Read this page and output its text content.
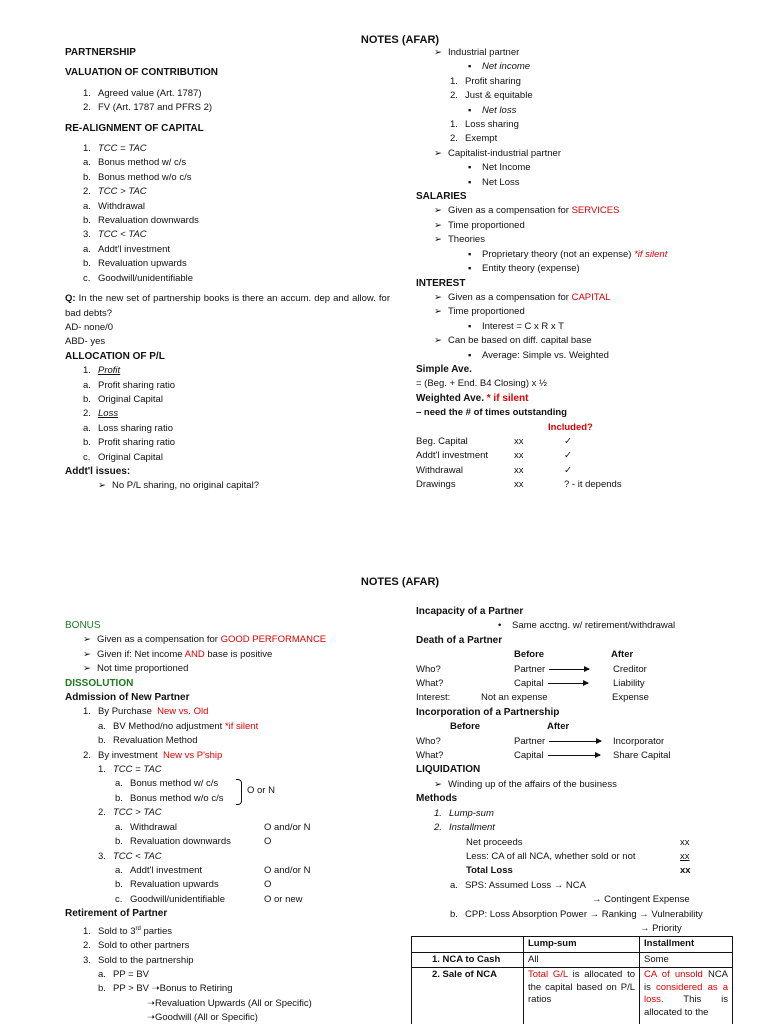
NOTES (AFAR)
PARTNERSHIP
VALUATION OF CONTRIBUTION
1. Agreed value (Art. 1787)
2. FV (Art. 1787 and PFRS 2)
RE-ALIGNMENT OF CAPITAL
1. TCC = TAC
a. Bonus method w/ c/s
b. Bonus method w/o c/s
2. TCC > TAC
a. Withdrawal
b. Revaluation downwards
3. TCC < TAC
a. Addt'l investment
b. Revaluation upwards
c. Goodwill/unidentifiable
Q: In the new set of partnership books is there an accum. dep and allow. for bad debts?
AD- none/0
ABD- yes
ALLOCATION OF P/L
1. Profit
a. Profit sharing ratio
b. Original Capital
2. Loss
a. Loss sharing ratio
b. Profit sharing ratio
c. Original Capital
Addt'l issues:
➢ No P/L sharing, no original capital?
➢ Industrial partner
▪ Net income
1. Profit sharing
2. Just & equitable
▪ Net loss
1. Loss sharing
2. Exempt
➢ Capitalist-industrial partner
▪ Net Income
▪ Net Loss
SALARIES
➢ Given as a compensation for SERVICES
➢ Time proportioned
➢ Theories
▪ Proprietary theory (not an expense) *if silent
▪ Entity theory (expense)
INTEREST
➢ Given as a compensation for CAPITAL
➢ Time proportioned
▪ Interest = C x R x T
➢ Can be based on diff. capital base
▪ Average: Simple vs. Weighted
Simple Ave.
= (Beg. + End. B4 Closing) x ½
Weighted Ave. * if silent
– need the # of times outstanding
Included?
Beg. Capital	xx	✓
Addt'l investment	xx	✓
Withdrawal	xx	✓
Drawings	xx	? - it depends
NOTES (AFAR)
BONUS
➢ Given as a compensation for GOOD PERFORMANCE
➢ Given if: Net income AND base is positive
➢ Not time proportioned
DISSOLUTION
Admission of New Partner
1. By Purchase New vs. Old
a. BV Method/no adjustment *if silent
b. Revaluation Method
2. By investment New vs P'ship
O or N
1. TCC = TAC
a. Bonus method w/ c/s
b. Bonus method w/o c/s
2. TCC > TAC
a. Withdrawal	O and/or N
b. Revaluation downwards	O
3. TCC < TAC
a. Addt'l investment	O and/or N
b. Revaluation upwards	O
c. Goodwill/unidentifiable	O or new
Retirement of Partner
1. Sold to 3rd parties
2. Sold to other partners
3. Sold to the partnership
a. PP = BV
b. PP > BV ➝Bonus to Retiring
➝Revaluation Upwards (All or Specific)
➝Goodwill (All or Specific)
Incapacity of a Partner
• Same acctng. w/ retirement/withdrawal
Death of a Partner
Before	After
Who?	Partner	Creditor
What?	Capital	Liability
Interest:	Not an expense	Expense
Incorporation of a Partnership
Before	After
Who?	Partner	Incorporator
What?	Capital	Share Capital
LIQUIDATION
➢ Winding up of the affairs of the business
Methods
1. Lump-sum
2. Installment
Net proceeds	xx
Less: CA of all NCA, whether sold or not	xx
Total Loss	xx
a. SPS: Assumed Loss → NCA
→ Contingent Expense
b. CPP: Loss Absorption Power → Ranking → Vulnerability
→ Priority
	Lump-sum	Installment
1. NCA to Cash	All	Some
2. Sale of NCA	Total G/L is allocated to the capital based on P/L ratios	CA of unsold NCA is considered as a loss. This is allocated to the
